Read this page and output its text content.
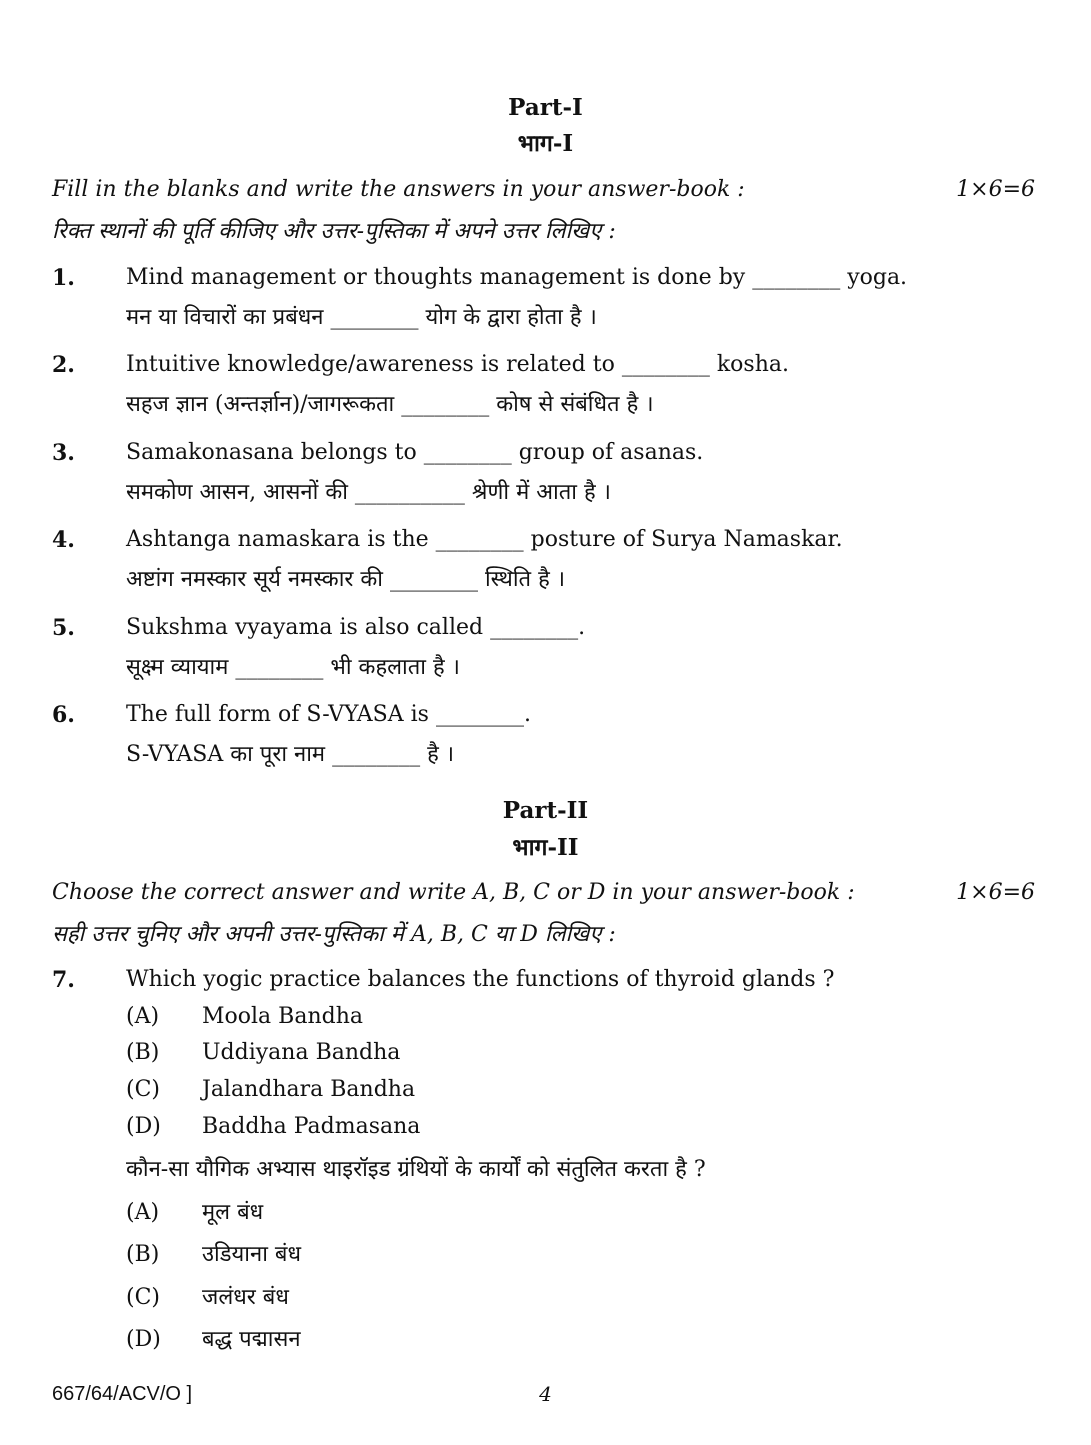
Part-I
भाग-I
Fill in the blanks and write the answers in your answer-book :	1×6=6
रिक्त स्थानों की पूर्ति कीजिए और उत्तर-पुस्तिका में अपने उत्तर लिखिए :
1. Mind management or thoughts management is done by ________ yoga.
मन या विचारों का प्रबंधन ________ योग के द्वारा होता है ।
2. Intuitive knowledge/awareness is related to ________ kosha.
सहज ज्ञान (अन्तर्ज्ञान)/जागरूकता ________ कोष से संबंधित है ।
3. Samakonasana belongs to ________ group of asanas.
समकोण आसन, आसनों की __________ श्रेणी में आता है ।
4. Ashtanga namaskara is the ________ posture of Surya Namaskar.
अष्टांग नमस्कार सूर्य नमस्कार की ________ स्थिति है ।
5. Sukshma vyayama is also called ________.
सूक्ष्म व्यायाम ________ भी कहलाता है ।
6. The full form of S-VYASA is ________.
S-VYASA का पूरा नाम ________ है ।
Part-II
भाग-II
Choose the correct answer and write A, B, C or D in your answer-book :	1×6=6
सही उत्तर चुनिए और अपनी उत्तर-पुस्तिका में A, B, C या D लिखिए :
7. Which yogic practice balances the functions of thyroid glands ?
(A) Moola Bandha
(B) Uddiyana Bandha
(C) Jalandhara Bandha
(D) Baddha Padmasana
कौन-सा यौगिक अभ्यास थाइरॉइड ग्रंथियों के कार्यों को संतुलित करता है ?
(A) मूल बंध
(B) उडियाना बंध
(C) जलंधर बंध
(D) बद्ध पद्मासन
667/64/ACV/O ]	4
